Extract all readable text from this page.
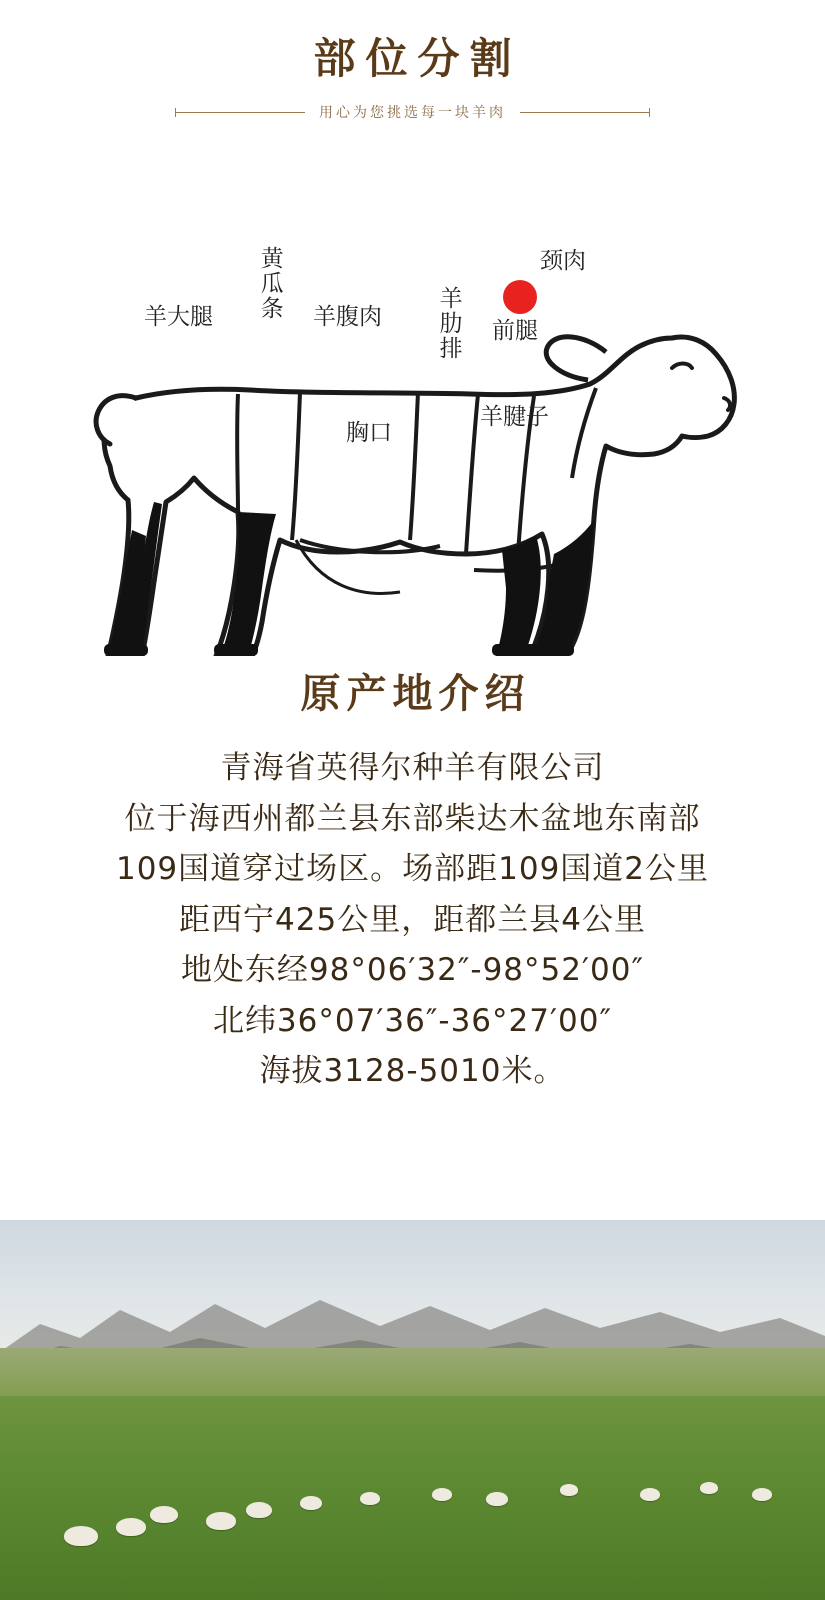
部位分割
用心为您挑选每一块羊肉
羊大腿 黄瓜条 羊腹肉 羊肋排 前腿
颈肉
羊腱子
胸口
原产地介绍
青海省英得尔种羊有限公司
位于海西州都兰县东部柴达木盆地东南部
109国道穿过场区。场部距109国道2公里
距西宁425公里，距都兰县4公里
地处东经98°06′32″-98°52′00″
北纬36°07′36″-36°27′00″
海拔3128-5010米。
